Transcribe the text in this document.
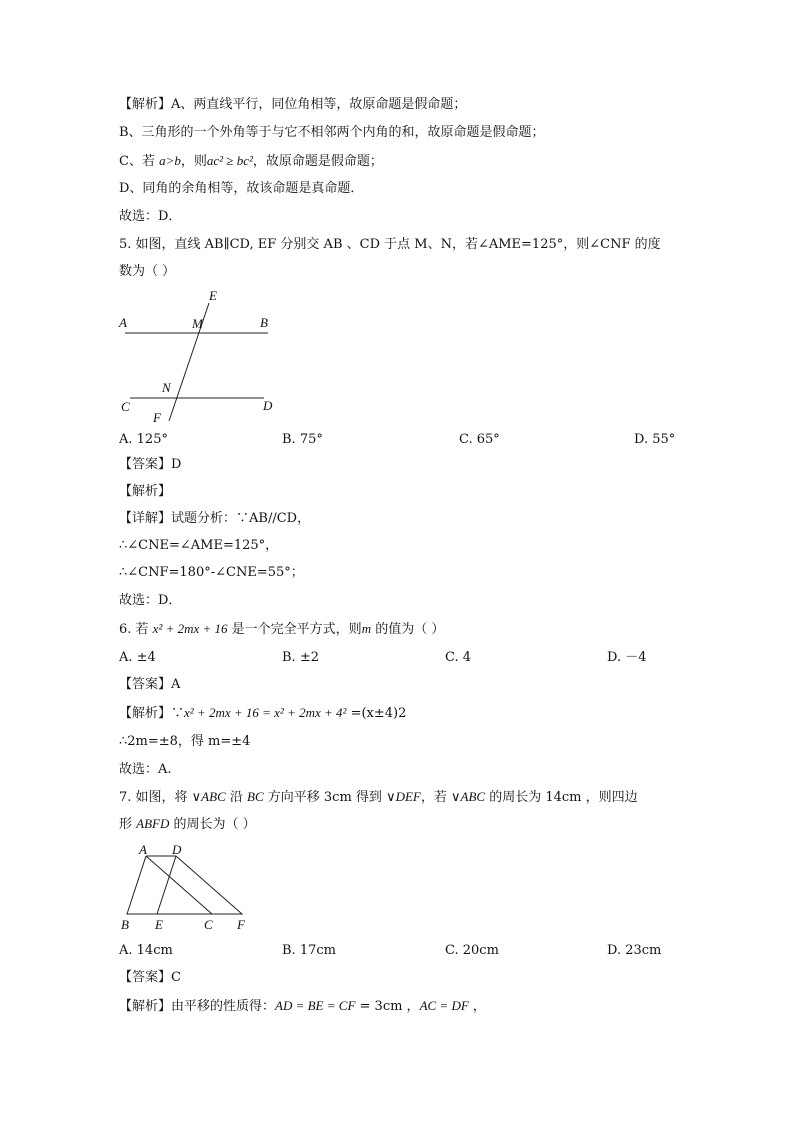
【解析】A、两直线平行，同位角相等，故原命题是假命题；
B、三角形的一个外角等于与它不相邻两个内角的和，故原命题是假命题；
C、若 a>b，则ac² ≥ bc²，故原命题是假命题；
D、同角的余角相等，故该命题是真命题．
故选：D．
5. 如图，直线 AB∥CD, EF 分别交 AB 、CD 于点 M、N，若∠AME=125°，则∠CNF 的度
数为（ ）
E
A	M	B
N
C	D
F
A. 125°	B. 75°	C. 65°	D. 55°
【答案】D
【解析】
【详解】试题分析：∵AB//CD，
∴∠CNE=∠AME=125°，
∴∠CNF=180°-∠CNE=55°；
故选：D．
6. 若 x² + 2mx + 16 是一个完全平方式，则m 的值为（ ）
A. ±4	B. ±2	C. 4	D. －4
【答案】A
【解析】∵x² + 2mx + 16 = x² + 2mx + 4² =(x±4)2
∴2m=±8，得 m=±4
故选：A.
7. 如图，将 ∨ABC 沿 BC 方向平移 3cm 得到 ∨DEF，若 ∨ABC 的周长为 14cm ，则四边
形 ABFD 的周长为（ ）
A D
B E	C F
A. 14cm	B. 17cm	C. 20cm	D. 23cm
【答案】C
【解析】由平移的性质得：AD = BE = CF = 3cm ，AC = DF ，
